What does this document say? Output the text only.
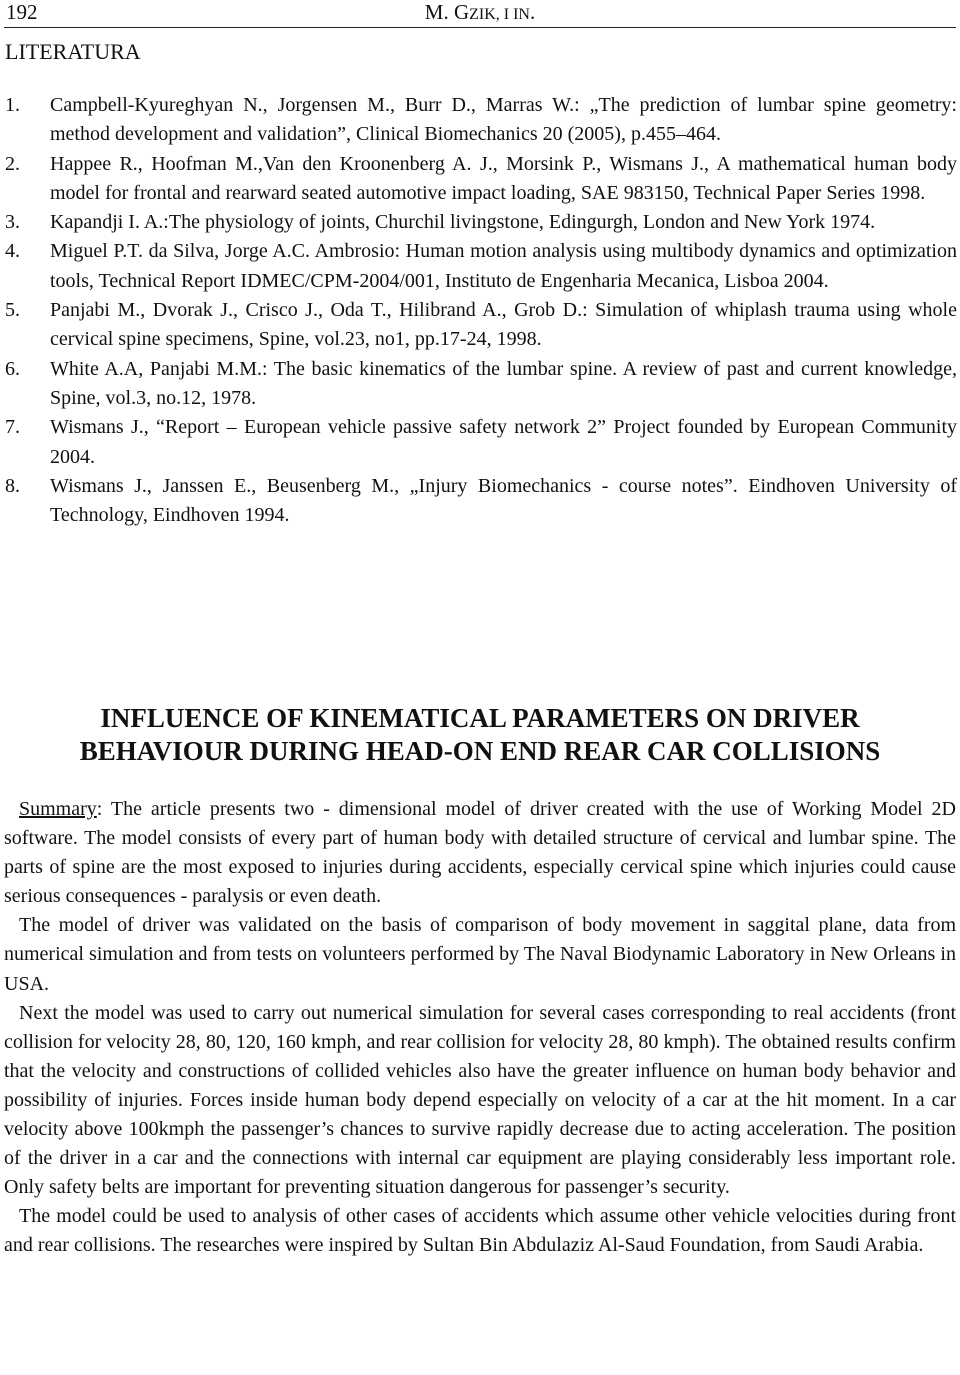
192	M. GZIK, I IN.
LITERATURA
1. Campbell-Kyureghyan N., Jorgensen M., Burr D., Marras W.: „The prediction of lumbar spine geometry: method development and validation”, Clinical Biomechanics 20 (2005), p.455–464.
2. Happee R., Hoofman M.,Van den Kroonenberg A. J., Morsink P., Wismans J., A mathematical human body model for frontal and rearward seated automotive impact loading, SAE 983150, Technical Paper Series 1998.
3. Kapandji I. A.:The physiology of joints, Churchil livingstone, Edingurgh, London and New York 1974.
4. Miguel P.T. da Silva, Jorge A.C. Ambrosio: Human motion analysis using multibody dynamics and optimization tools, Technical Report IDMEC/CPM-2004/001, Instituto de Engenharia Mecanica, Lisboa 2004.
5. Panjabi M., Dvorak J., Crisco J., Oda T., Hilibrand A., Grob D.: Simulation of whiplash trauma using whole cervical spine specimens, Spine, vol.23, no1, pp.17-24, 1998.
6. White A.A, Panjabi M.M.: The basic kinematics of the lumbar spine. A review of past and current knowledge, Spine, vol.3, no.12, 1978.
7. Wismans J., “Report – European vehicle passive safety network 2” Project founded by European Community 2004.
8. Wismans J., Janssen E., Beusenberg M., „Injury Biomechanics - course notes”. Eindhoven University of Technology, Eindhoven 1994.
INFLUENCE OF KINEMATICAL PARAMETERS ON DRIVER
BEHAVIOUR DURING HEAD-ON END REAR CAR COLLISIONS

Summary: The article presents two - dimensional model of driver created with the use of Working Model 2D software. The model consists of every part of human body with detailed structure of cervical and lumbar spine. The parts of spine are the most exposed to injuries during accidents, especially cervical spine which injuries could cause serious consequences - paralysis or even death.

The model of driver was validated on the basis of comparison of body movement in saggital plane, data from numerical simulation and from tests on volunteers performed by The Naval Biodynamic Laboratory in New Orleans in USA.

Next the model was used to carry out numerical simulation for several cases corresponding to real accidents (front collision for velocity 28, 80, 120, 160 kmph, and rear collision for velocity 28, 80 kmph). The obtained results confirm that the velocity and constructions of collided vehicles also have the greater influence on human body behavior and possibility of injuries. Forces inside human body depend especially on velocity of a car at the hit moment. In a car velocity above 100kmph the passenger’s chances to survive rapidly decrease due to acting acceleration. The position of the driver in a car and the connections with internal car equipment are playing considerably less important role. Only safety belts are important for preventing situation dangerous for passenger’s security.

The model could be used to analysis of other cases of accidents which assume other vehicle velocities during front and rear collisions. The researches were inspired by Sultan Bin Abdulaziz Al-Saud Foundation, from Saudi Arabia.
